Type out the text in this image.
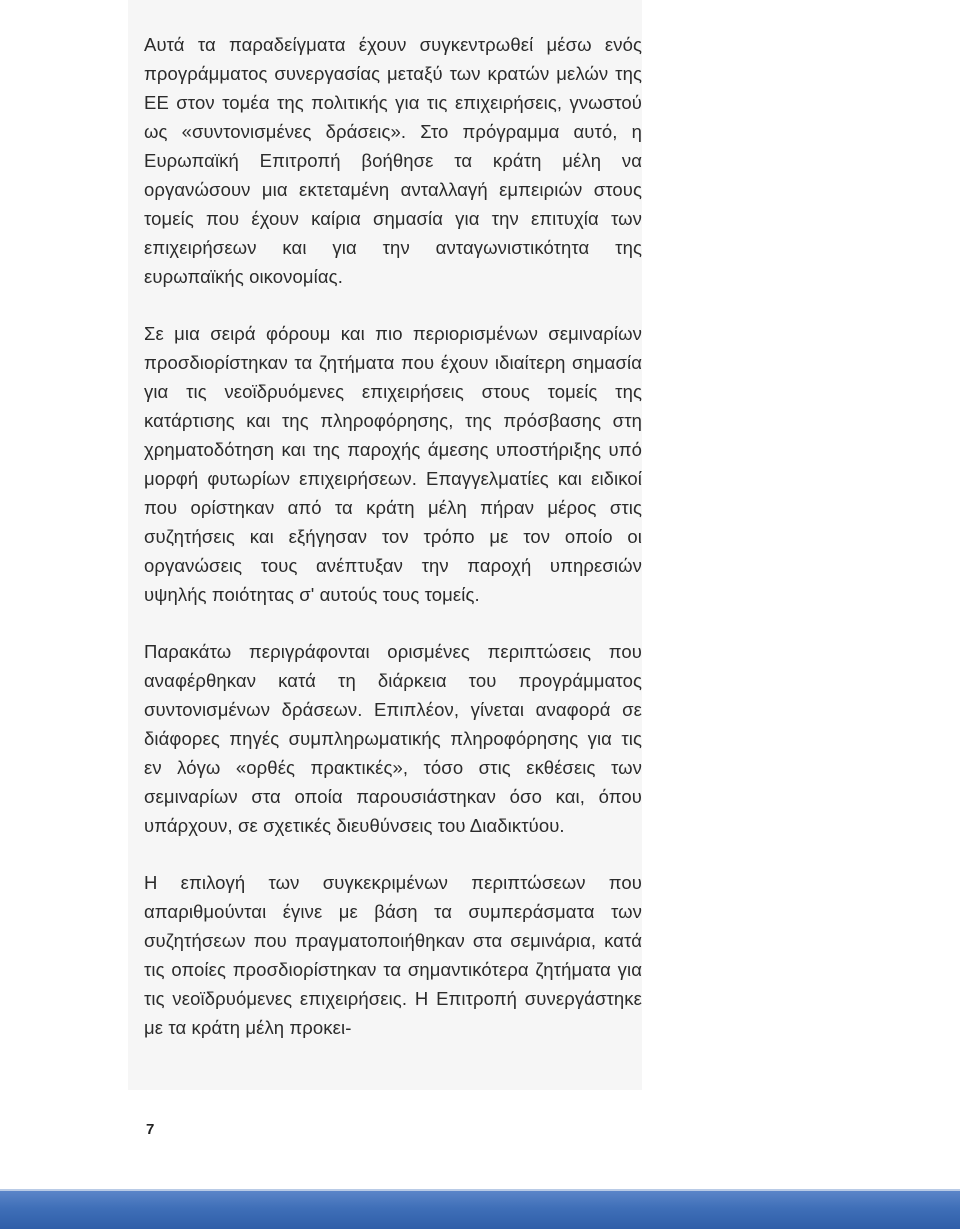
Αυτά τα παραδείγματα έχουν συγκεντρωθεί μέσω ενός προγράμματος συνεργασίας μεταξύ των κρατών μελών της ΕΕ στον τομέα της πολιτικής για τις επιχειρήσεις, γνωστού ως «συντονισμένες δράσεις». Στο πρόγραμμα αυτό, η Ευρωπαϊκή Επιτροπή βοήθησε τα κράτη μέλη να οργανώσουν μια εκτεταμένη ανταλλαγή εμπειριών στους τομείς που έχουν καίρια σημασία για την επιτυχία των επιχειρήσεων και για την ανταγωνιστικότητα της ευρωπαϊκής οικονομίας.

Σε μια σειρά φόρουμ και πιο περιορισμένων σεμιναρίων προσδιορίστηκαν τα ζητήματα που έχουν ιδιαίτερη σημασία για τις νεοϊδρυόμενες επιχειρήσεις στους τομείς της κατάρτισης και της πληροφόρησης, της πρόσβασης στη χρηματοδότηση και της παροχής άμεσης υποστήριξης υπό μορφή φυτωρίων επιχειρήσεων. Επαγγελματίες και ειδικοί που ορίστηκαν από τα κράτη μέλη πήραν μέρος στις συζητήσεις και εξήγησαν τον τρόπο με τον οποίο οι οργανώσεις τους ανέπτυξαν την παροχή υπηρεσιών υψηλής ποιότητας σ' αυτούς τους τομείς.

Παρακάτω περιγράφονται ορισμένες περιπτώσεις που αναφέρθηκαν κατά τη διάρκεια του προγράμματος συντονισμένων δράσεων. Επιπλέον, γίνεται αναφορά σε διάφορες πηγές συμπληρωματικής πληροφόρησης για τις εν λόγω «ορθές πρακτικές», τόσο στις εκθέσεις των σεμιναρίων στα οποία παρουσιάστηκαν όσο και, όπου υπάρχουν, σε σχετικές διευθύνσεις του Διαδικτύου.

Η επιλογή των συγκεκριμένων περιπτώσεων που απαριθμούνται έγινε με βάση τα συμπεράσματα των συζητήσεων που πραγματοποιήθηκαν στα σεμινάρια, κατά τις οποίες προσδιορίστηκαν τα σημαντικότερα ζητήματα για τις νεοϊδρυόμενες επιχειρήσεις. Η Επιτροπή συνεργάστηκε με τα κράτη μέλη προκει-

7
